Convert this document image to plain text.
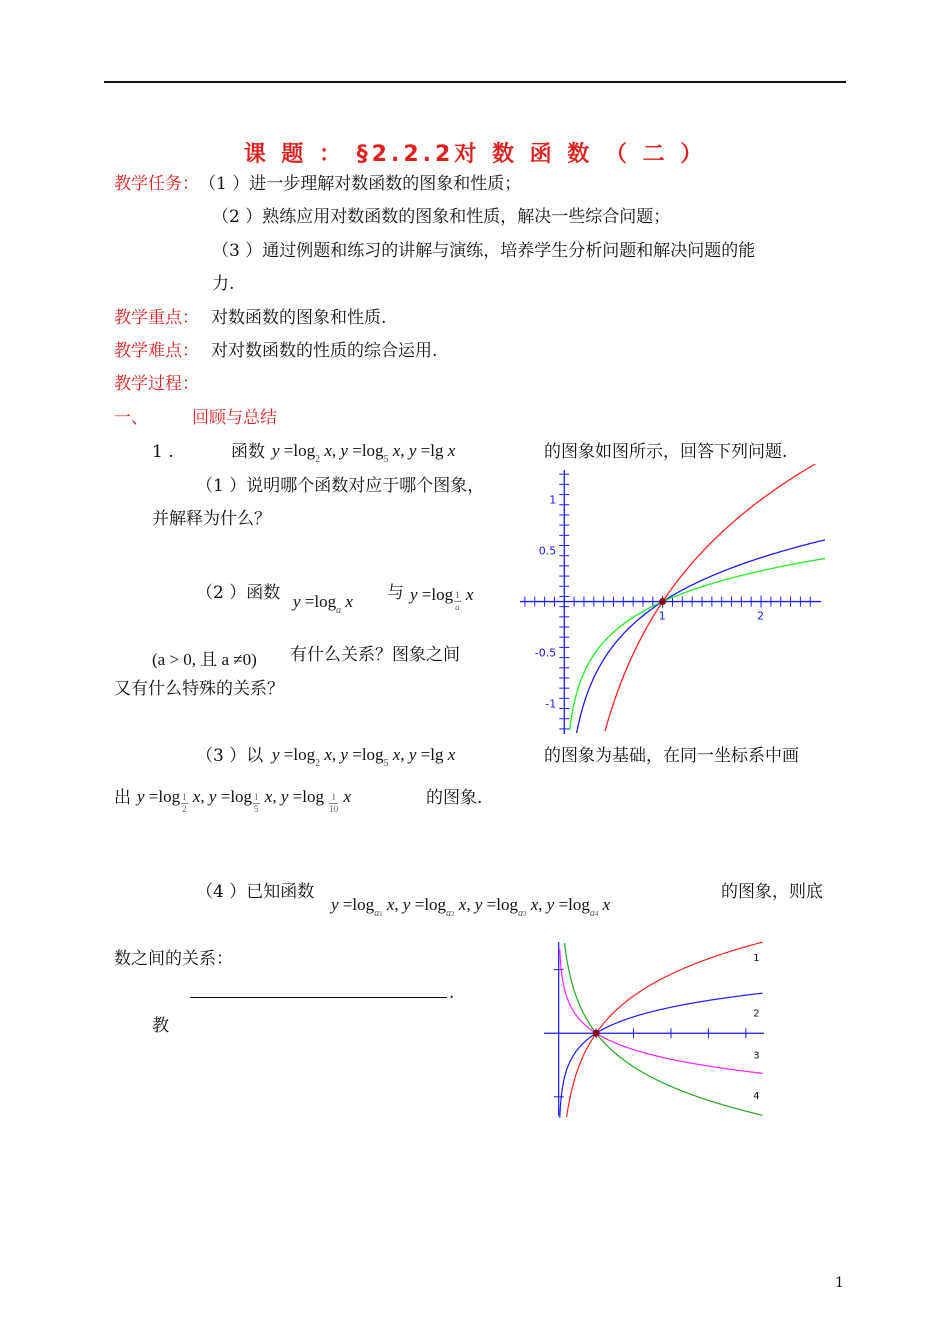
课 题 ： §2.2.2对 数 函 数 （ 二 ）
教学任务： （1 ）进一步理解对数函数的图象和性质；
（2 ）熟练应用对数函数的图象和性质，解决一些综合问题；
（3 ）通过例题和练习的讲解与演练，培养学生分析问题和解决问题的能
力.
教学重点： 对数函数的图象和性质.
教学难点： 对对数函数的性质的综合运用.
教学过程：
一、	回顾与总结
1 .	函数 $y =\log_2$ x, $y =\log_5$ x, y =lg x	的图象如图所示，回答下列问题.
（1 ）说明哪个函数对应于哪个图象，
并解释为什么？
（2 ）函数 $y =\log_a$ x 与 $y =\log \frac{1}{a}$ x
(a > 0, 且 a ≠0) 有什么关系？图象之间
又有什么特殊的关系？
（3 ）以 $y =\log_2$ x, $y =\log_5$ x, y =lg x	的图象为基础，在同一坐标系中画
出 $y =\log \frac{1}{2} x$, $y =\log \frac{1}{5} x$, $y =\log \frac{1}{10}$ x	的图象.
（4 ）已知函数
$y =\log_{a1}$ x, $y =\log_{a2}$ x, $y =\log_{a3}$ x, $y =\log_{a4}$ x
的图象，则底
数之间的关系：
.
教
1	2
1
0.5
-0.5
-1
1
2
3
4
1
